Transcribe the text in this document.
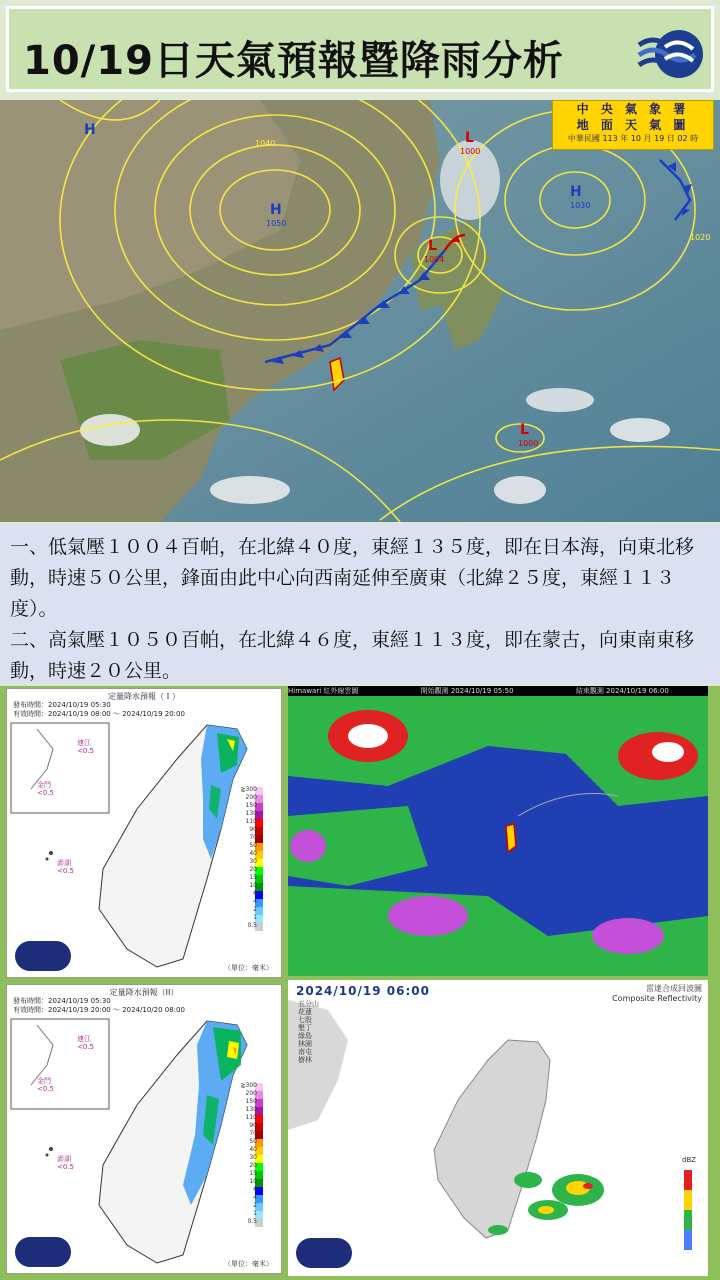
10/19日天氣預報暨降雨分析
H
H
1050
H
1030
L
1000
L
1004
L
1000
1040
1020
中 央 氣 象 署
地 面 天 氣 圖
中華民國 113 年 10 月 19 日 02 時

一、低氣壓１００４百帕，在北緯４０度，東經１３５度，即在日本海，向東北移動，時速５０公里，鋒面由此中心向西南延伸至廣東（北緯２５度，東經１１３度）。

二、高氣壓１０５０百帕，在北緯４６度，東經１１３度，即在蒙古，向東南東移動，時速２０公里。

定量降水預報（Ｉ）
發布時間：2024/10/19 05:30
有效時間：2024/10/19 08:00 ～ 2024/10/19 20:00
連江
<0.5
金門
<0.5
澎湖
<0.5
≧300
200
150
130
110
90
70
50
40
30
20
15
10
6
4
2
1
0.5
（單位：毫米）
定量降水預報（II）
發布時間：2024/10/19 05:30
有效時間：2024/10/19 20:00 ～ 2024/10/20 08:00
連江
<0.5
金門
<0.5
澎湖
<0.5
≧300
200
150
130
110
90
70
50
40
30
20
15
10
6
4
2
1
0.5
（單位：毫米）
Himawari 紅外線雲圖	開始觀測 2024/10/19 05:50	結束觀測 2024/10/19 06:00
2024/10/19 06:00	雷達合成回波圖
Composite Reflectivity
五分山
花蓮
七股
墾丁
綠島
林園
南屯
樹林
dBZ
